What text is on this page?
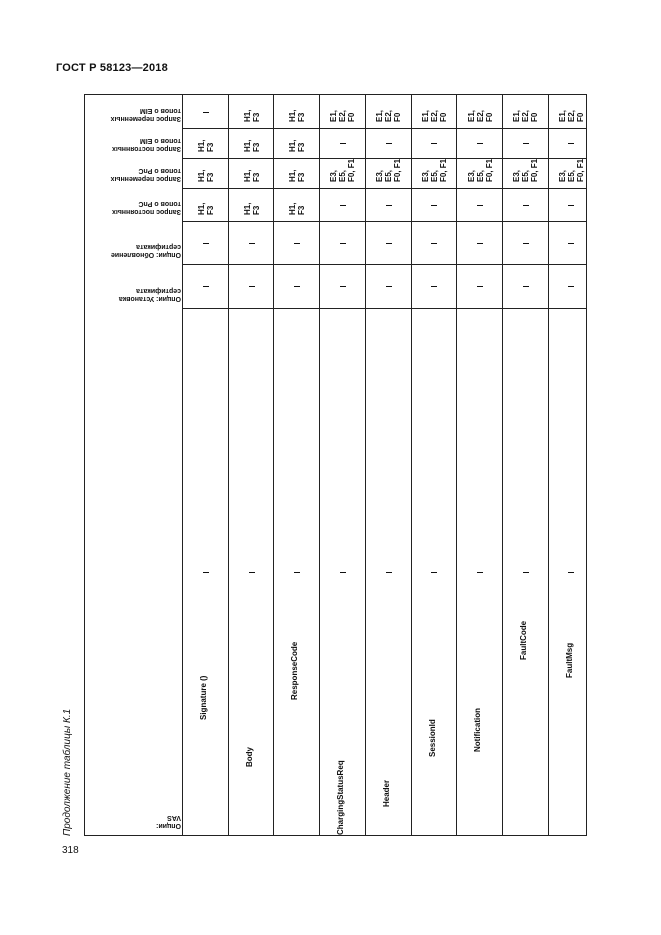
ГОСТ Р 58123—2018
Продолжение таблицы К.1
318
Запрос переменных
топов о EIM
Запрос постоянных
топов о EIM
Запрос переменных
топов о PnC
Запрос постоянных
топов о PnC
Опции: Обновление
сертификата
Опции: Установка
сертификата
Опции:
VAS
Signature ()
H1,
F3
H1,
F3
H1,
F3
Body
H1,
F3
H1,
F3
H1,
F3
H1,
F3
ResponseCode
H1,
F3
H1,
F3
H1,
F3
H1,
F3
ChargingStatusReq
E1,
E2,
F0
E3,
E5,
F0, F1
Header
E1,
E2,
F0
E3,
E5,
F0, F1
SessionId
E1,
E2,
F0
E3,
E5,
F0, F1
Notification
E1,
E2,
F0
E3,
E5,
F0, F1
FaultCode
E1,
E2,
F0
E3,
E5,
F0, F1
FaultMsg
E1,
E2,
F0
E3,
E5,
F0, F1
